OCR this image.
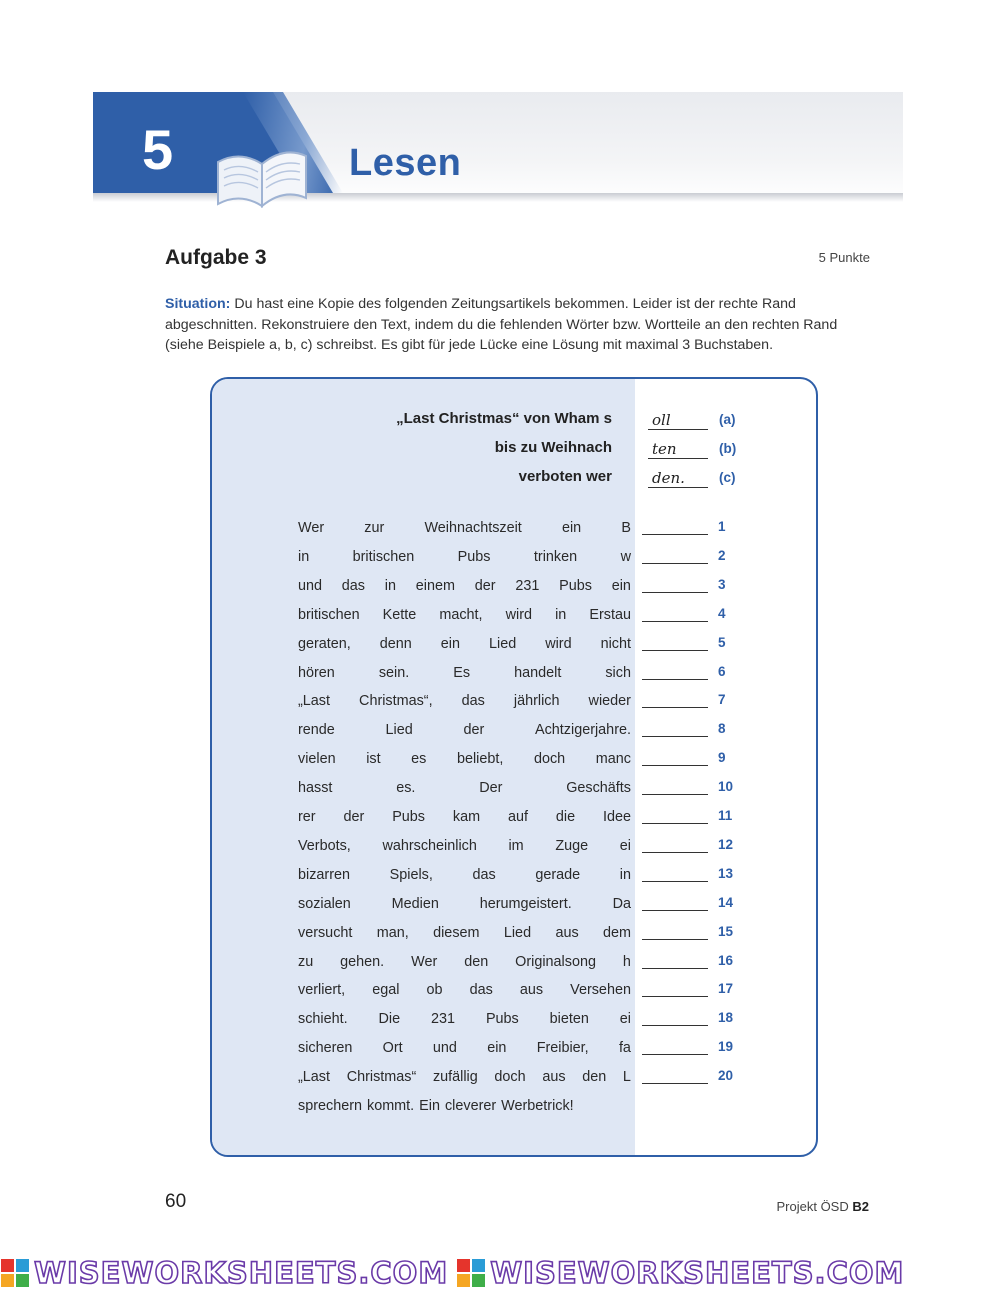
5	Lesen
Aufgabe 3	5 Punkte
Situation: Du hast eine Kopie des folgenden Zeitungsartikels bekommen. Leider ist der rechte Rand abgeschnitten. Rekonstruiere den Text, indem du die fehlenden Wörter bzw. Wortteile an den rechten Rand (siehe Beispiele a, b, c) schreibst. Es gibt für jede Lücke eine Lösung mit maximal 3 Buchstaben.
„Last Christmas“ von Wham s	oll	(a)
bis zu Weihnach	ten	(b)
verboten wer	den.	(c)
Wer	zur	Weihnachtszeit	ein	B	1
in	britischen	Pubs	trinken	w	2
und das in einem der 231 Pubs ein	3
britischen Kette macht, wird in Erstau	4
geraten, denn ein Lied wird nicht	5
hören	sein.	Es	handelt	sich	6
„Last Christmas“, das jährlich wieder	7
rende	Lied	der	Achtzigerjahre.	8
vielen ist es beliebt, doch manc	9
hasst	es.	Der	Geschäfts	10
rer der Pubs kam auf die Idee	11
Verbots, wahrscheinlich im Zuge ei	12
bizarren	Spiels,	das	gerade	in	13
sozialen	Medien	herumgeistert.	Da	14
versucht man, diesem Lied aus dem	15
zu gehen. Wer den Originalsong h	16
verliert, egal ob das aus Versehen	17
schieht. Die 231 Pubs bieten ei	18
sicheren Ort und ein Freibier, fa	19
„Last Christmas“ zufällig doch aus den L	20
sprechern kommt. Ein cleverer Werbetrick!
60	Projekt ÖSD B2
WISEWORKSHEETS.COM WISEWORKSHEETS.COM
